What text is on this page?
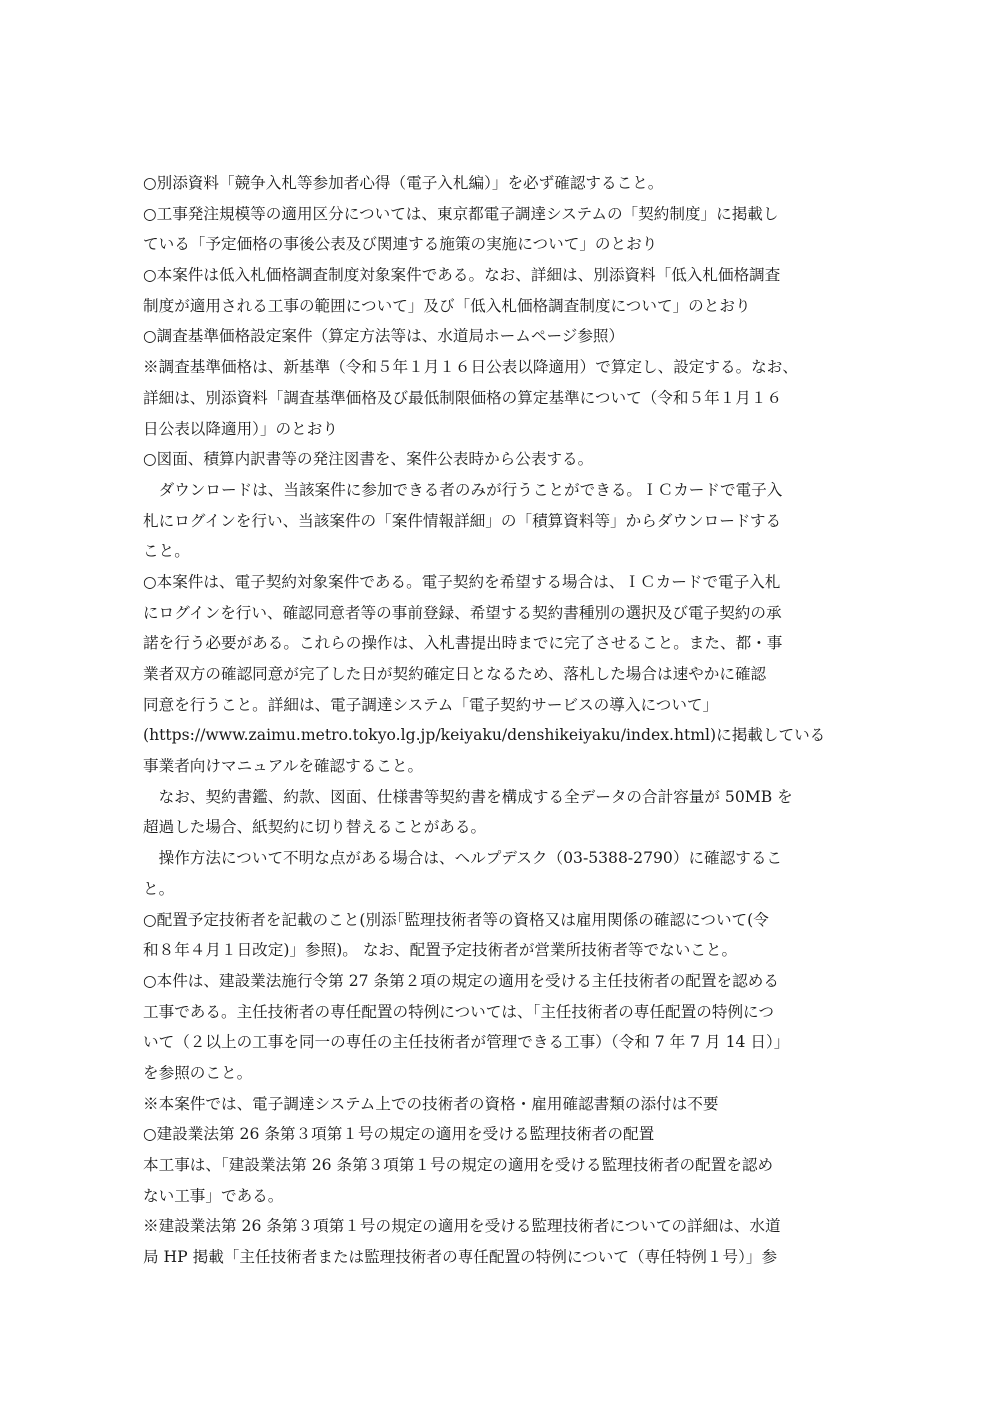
○別添資料「競争入札等参加者心得（電子入札編）」を必ず確認すること。
○工事発注規模等の適用区分については、東京都電子調達システムの「契約制度」に掲載し
ている「予定価格の事後公表及び関連する施策の実施について」のとおり
○本案件は低入札価格調査制度対象案件である。なお、詳細は、別添資料「低入札価格調査
制度が適用される工事の範囲について」及び「低入札価格調査制度について」のとおり
○調査基準価格設定案件（算定方法等は、水道局ホームページ参照）
※調査基準価格は、新基準（令和５年１月１６日公表以降適用）で算定し、設定する。なお、
詳細は、別添資料「調査基準価格及び最低制限価格の算定基準について（令和５年１月１６
日公表以降適用）」のとおり
○図面、積算内訳書等の発注図書を、案件公表時から公表する。
　ダウンロードは、当該案件に参加できる者のみが行うことができる。ＩＣカードで電子入
札にログインを行い、当該案件の「案件情報詳細」の「積算資料等」からダウンロードする
こと。
○本案件は、電子契約対象案件である。電子契約を希望する場合は、ＩＣカードで電子入札
にログインを行い、確認同意者等の事前登録、希望する契約書種別の選択及び電子契約の承
諾を行う必要がある。これらの操作は、入札書提出時までに完了させること。また、都・事
業者双方の確認同意が完了した日が契約確定日となるため、落札した場合は速やかに確認
同意を行うこと。詳細は、電子調達システム「電子契約サービスの導入について」
(https://www.zaimu.metro.tokyo.lg.jp/keiyaku/denshikeiyaku/index.html)に掲載している
事業者向けマニュアルを確認すること。
　なお、契約書鑑、約款、図面、仕様書等契約書を構成する全データの合計容量が 50MB を
超過した場合、紙契約に切り替えることがある。
　操作方法について不明な点がある場合は、ヘルプデスク（03-5388-2790）に確認するこ
と。
○配置予定技術者を記載のこと(別添｢監理技術者等の資格又は雇用関係の確認について(令
和８年４月１日改定)」参照)。 なお、配置予定技術者が営業所技術者等でないこと。
○本件は、建設業法施行令第 27 条第２項の規定の適用を受ける主任技術者の配置を認める
工事である。主任技術者の専任配置の特例については、「主任技術者の専任配置の特例につ
いて（２以上の工事を同一の専任の主任技術者が管理できる工事）（令和 7 年 7 月 14 日）」
を参照のこと。
※本案件では、電子調達システム上での技術者の資格・雇用確認書類の添付は不要
○建設業法第 26 条第３項第１号の規定の適用を受ける監理技術者の配置
本工事は、「建設業法第 26 条第３項第１号の規定の適用を受ける監理技術者の配置を認め
ない工事」である。
※建設業法第 26 条第３項第１号の規定の適用を受ける監理技術者についての詳細は、水道
局 HP 掲載「主任技術者または監理技術者の専任配置の特例について（専任特例１号）」参
